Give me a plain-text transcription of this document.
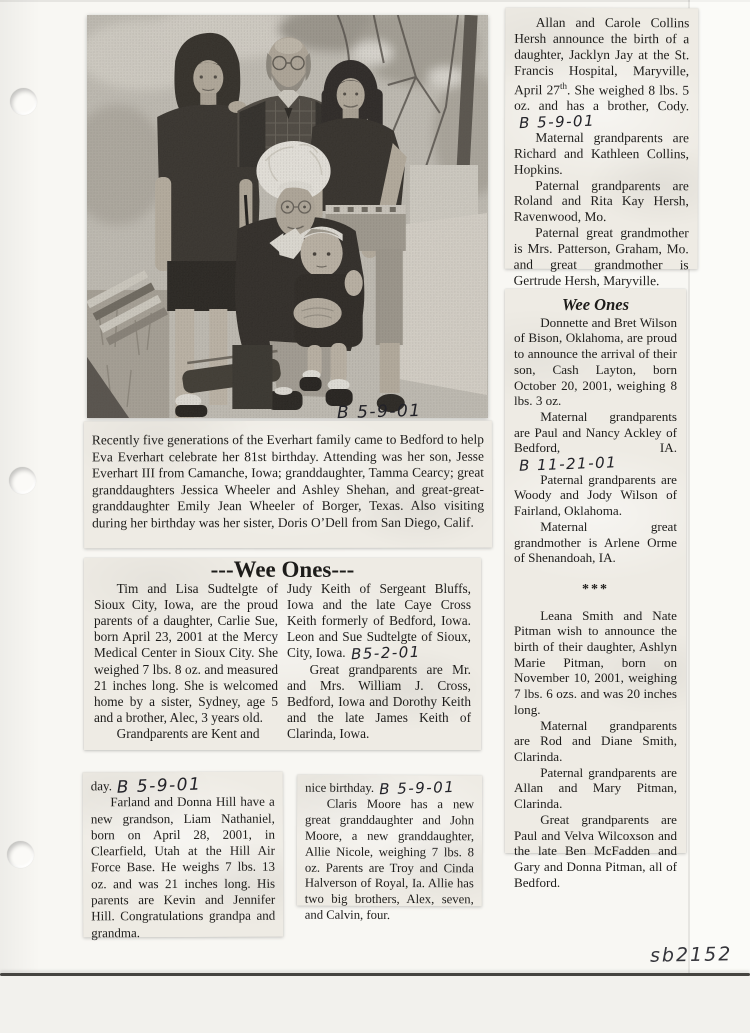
B 5-9-01

Recently five generations of the Everhart family came to Bedford to help Eva Everhart celebrate her 81st birthday. Attending was her son, Jesse Everhart III from Camanche, Iowa; granddaughter, Tamma Cearcy; great granddaughters Jessica Wheeler and Ashley Shehan, and great-great-granddaughter Emily Jean Wheeler of Borger, Texas. Also visiting during her birthday was her sister, Doris O’Dell from San Diego, Calif.

Allan and Carole Collins Hersh announce the birth of a daughter, Jacklyn Jay at the St. Francis Hospital, Maryville, April 27th. She weighed 8 lbs. 5 oz. and has a brother, Cody.B 5-9-01

Maternal grandparents are Richard and Kathleen Collins, Hopkins.

Paternal grandparents are Roland and Rita Kay Hersh, Ravenwood, Mo.

Paternal great grandmother is Mrs. Patterson, Graham, Mo. and great grandmother is Gertrude Hersh, Maryville.

Wee Ones

Donnette and Bret Wilson of Bison, Oklahoma, are proud to announce the arrival of their son, Cash Layton, born October 20, 2001, weighing 8 lbs. 3 oz.

Maternal grandparents are Paul and Nancy Ackley of Bedford, IA.B 11-21-01

Paternal grandparents are Woody and Jody Wilson of Fairland, Oklahoma.

Maternal great grandmother is Arlene Orme of Shenandoah, IA.

***

Leana Smith and Nate Pitman wish to announce the birth of their daughter, Ashlyn Marie Pitman, born on November 10, 2001, weighing 7 lbs. 6 ozs. and was 20 inches long.

Maternal grandparents are Rod and Diane Smith, Clarinda.

Paternal grandparents are Allan and Mary Pitman, Clarinda.

Great grandparents are Paul and Velva Wilcoxson and the late Ben McFadden and Gary and Donna Pitman, all of Bedford.

---Wee Ones---

Tim and Lisa Sudtelgte of Sioux City, Iowa, are the proud parents of a daughter, Carlie Sue, born April 23, 2001 at the Mercy Medical Center in Sioux City. She weighed 7 lbs. 8 oz. and measured 21 inches long. She is welcomed home by a sister, Sydney, age 5 and a brother, Alec, 3 years old.

Grandparents are Kent and

Judy Keith of Sergeant Bluffs, Iowa and the late Caye Cross Keith formerly of Bedford, Iowa. Leon and Sue Sudtelgte of Sioux, City, Iowa. B5-2-01

Great grandparents are Mr. and Mrs. William J. Cross, Bedford, Iowa and Dorothy Keith and the late James Keith of Clarinda, Iowa.

day. B 5-9-01

Farland and Donna Hill have a new grandson, Liam Nathaniel, born on April 28, 2001, in Clearfield, Utah at the Hill Air Force Base. He weighs 7 lbs. 13 oz. and was 21 inches long. His parents are Kevin and Jennifer Hill. Congratulations grandpa and grandma.

nice birthday. B 5-9-01

Claris Moore has a new great granddaughter and John Moore, a new granddaughter, Allie Nicole, weighing 7 lbs. 8 oz. Parents are Troy and Cinda Halverson of Royal, Ia. Allie has two big brothers, Alex, seven, and Calvin, four.

sb2152
